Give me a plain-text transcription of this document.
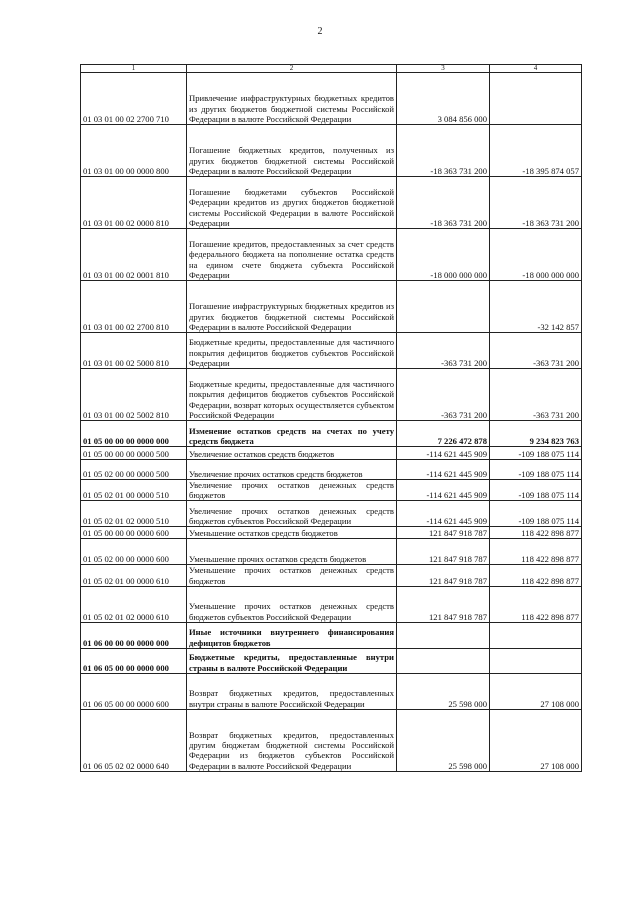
2
1	2	3	4
01 03 01 00 02 2700 710	Привлечение инфраструктурных бюджетных кредитов из других бюджетов бюджетной системы Российской Федерации в валюте Российской Федерации	3 084 856 000	
01 03 01 00 00 0000 800	Погашение бюджетных кредитов, полученных из других бюджетов бюджетной системы Российской Федерации в валюте Российской Федерации	-18 363 731 200	-18 395 874 057
01 03 01 00 02 0000 810	Погашение бюджетами субъектов Российской Федерации кредитов из других бюджетов бюджетной системы Российской Федерации в валюте Российской Федерации	-18 363 731 200	-18 363 731 200
01 03 01 00 02 0001 810	Погашение кредитов, предоставленных за счет средств федерального бюджета на пополнение остатка средств на едином счете бюджета субъекта Российской Федерации	-18 000 000 000	-18 000 000 000
01 03 01 00 02 2700 810	Погашение инфраструктурных бюджетных кредитов из других бюджетов бюджетной системы Российской Федерации в валюте Российской Федерации		-32 142 857
01 03 01 00 02 5000 810	Бюджетные кредиты, предоставленные для частичного покрытия дефицитов бюджетов субъектов Российской Федерации	-363 731 200	-363 731 200
01 03 01 00 02 5002 810	Бюджетные кредиты, предоставленные для частичного покрытия дефицитов бюджетов субъектов Российской Федерации, возврат которых осуществляется субъектом Российской Федерации	-363 731 200	-363 731 200
01 05 00 00 00 0000 000	Изменение остатков средств на счетах по учету средств бюджета	7 226 472 878	9 234 823 763
01 05 00 00 00 0000 500	Увеличение остатков средств бюджетов	-114 621 445 909	-109 188 075 114
01 05 02 00 00 0000 500	Увеличение прочих остатков средств бюджетов	-114 621 445 909	-109 188 075 114
01 05 02 01 00 0000 510	Увеличение прочих остатков денежных средств бюджетов	-114 621 445 909	-109 188 075 114
01 05 02 01 02 0000 510	Увеличение прочих остатков денежных средств бюджетов субъектов Российской Федерации	-114 621 445 909	-109 188 075 114
01 05 00 00 00 0000 600	Уменьшение остатков средств бюджетов	121 847 918 787	118 422 898 877
01 05 02 00 00 0000 600	Уменьшение прочих остатков средств бюджетов	121 847 918 787	118 422 898 877
01 05 02 01 00 0000 610	Уменьшение прочих остатков денежных средств бюджетов	121 847 918 787	118 422 898 877
01 05 02 01 02 0000 610	Уменьшение прочих остатков денежных средств бюджетов субъектов Российской Федерации	121 847 918 787	118 422 898 877
01 06 00 00 00 0000 000	Иные источники внутреннего финансирования дефицитов бюджетов		
01 06 05 00 00 0000 000	Бюджетные кредиты, предоставленные внутри страны в валюте Российской Федерации		
01 06 05 00 00 0000 600	Возврат бюджетных кредитов, предоставленных внутри страны в валюте Российской Федерации	25 598 000	27 108 000
01 06 05 02 02 0000 640	Возврат бюджетных кредитов, предоставленных другим бюджетам бюджетной системы Российской Федерации из бюджетов субъектов Российской Федерации в валюте Российской Федерации	25 598 000	27 108 000
